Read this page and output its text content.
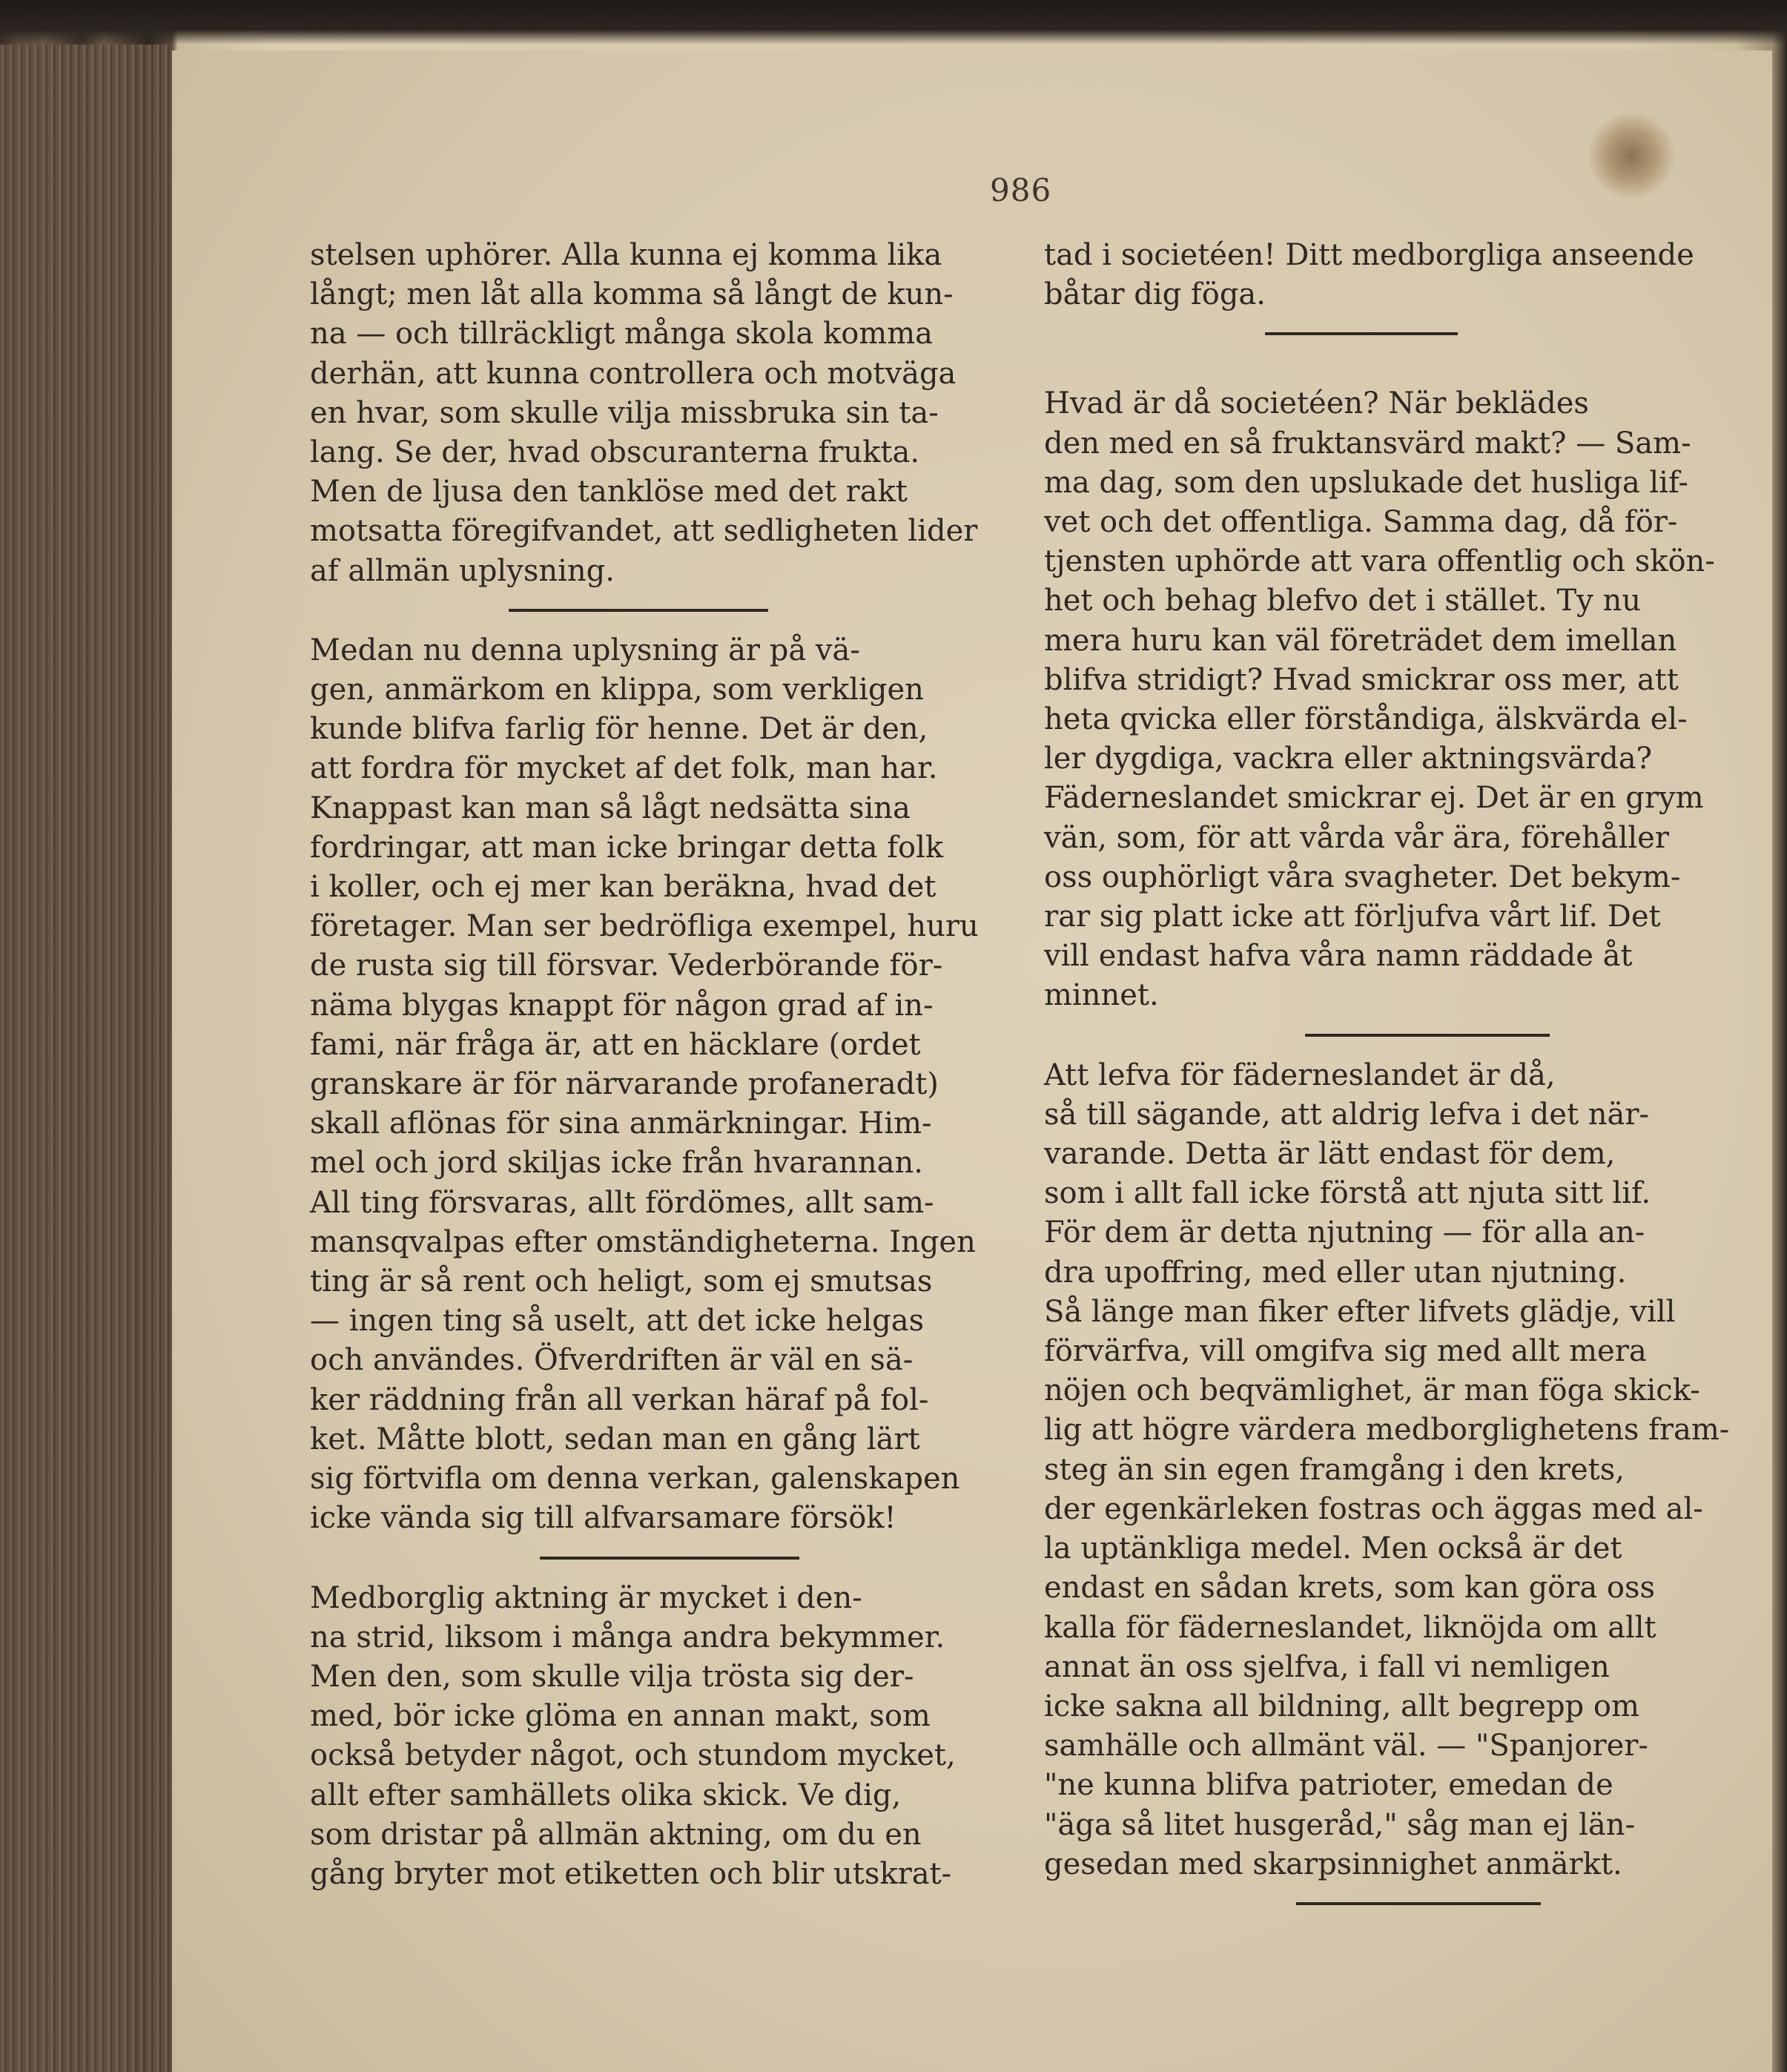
986

stelsen uphörer. Alla kunna ej komma lika

långt; men låt alla komma så långt de kun-

na — och tillräckligt många skola komma

derhän, att kunna controllera och motväga

en hvar, som skulle vilja missbruka sin ta-

lang. Se der, hvad obscuranterna frukta.

Men de ljusa den tanklöse med det rakt

motsatta föregifvandet, att sedligheten lider

af allmän uplysning.

Medan nu denna uplysning är på vä-

gen, anmärkom en klippa, som verkligen

kunde blifva farlig för henne. Det är den,

att fordra för mycket af det folk, man har.

Knappast kan man så lågt nedsätta sina

fordringar, att man icke bringar detta folk

i koller, och ej mer kan beräkna, hvad det

företager. Man ser bedröfliga exempel, huru

de rusta sig till försvar. Vederbörande för-

nämа blygas knappt för någon grad af in-

fami, när fråga är, att en häcklare (ordet

granskare är för närvarande profaneradt)

skall aflönas för sina anmärkningar. Him-

mel och jord skiljas icke från hvarannan.

All ting försvaras, allt fördömes, allt sam-

mansqvalpas efter omständigheterna. Ingen

ting är så rent och heligt, som ej smutsas

— ingen ting så uselt, att det icke helgas

och användes. Öfverdriften är väl en sä-

ker räddning från all verkan häraf på fol-

ket. Måtte blott, sedan man en gång lärt

sig förtvifla om denna verkan, galenskapen

icke vända sig till alfvarsamare försök!

Medborglig aktning är mycket i den-

na strid, liksom i många andra bekymmer.

Men den, som skulle vilja trösta sig der-

med, bör icke glöma en annan makt, som

också betyder något, och stundom mycket,

allt efter samhällets olika skick. Ve dig,

som dristar på allmän aktning, om du en

gång bryter mot etiketten och blir utskrat-

tad i societéen! Ditt medborgliga anseende

båtar dig föga.

Hvad är då societéen? När beklädes

den med en så fruktansvärd makt? — Sam-

ma dag, som den upslukade det husliga lif-

vet och det offentliga. Samma dag, då för-

tjensten uphörde att vara offentlig och skön-

het och behag blefvo det i stället. Ty nu

mera huru kan väl företrädet dem imellan

blifva stridigt? Hvad smickrar oss mer, att

heta qvicka eller förståndiga, älskvärda el-

ler dygdiga, vackra eller aktningsvärda?

Fäderneslandet smickrar ej. Det är en grym

vän, som, för att vårda vår ära, förehåller

oss ouphörligt våra svagheter. Det bekym-

rar sig platt icke att förljufva vårt lif. Det

vill endast hafva våra namn räddade åt

minnet.

Att lefva för fäderneslandet är då,

så till sägande, att aldrig lefva i det när-

varande. Detta är lätt endast för dem,

som i allt fall icke förstå att njuta sitt lif.

För dem är detta njutning — för alla an-

dra upoffring, med eller utan njutning.

Så länge man fiker efter lifvets glädje, vill

förvärfva, vill omgifva sig med allt mera

nöjen och beqvämlighet, är man föga skick-

lig att högre värdera medborglighetens fram-

steg än sin egen framgång i den krets,

der egenkärleken fostras och äggas med al-

la uptänkliga medel. Men också är det

endast en sådan krets, som kan göra oss

kalla för fäderneslandet, liknöjda om allt

annat än oss sjelfva, i fall vi nemligen

icke sakna all bildning, allt begrepp om

samhälle och allmänt väl. — "Spanjorer-

"ne kunna blifva patrioter, emedan de

"äga så litet husgeråd," såg man ej län-

gesedan med skarpsinnighet anmärkt.
